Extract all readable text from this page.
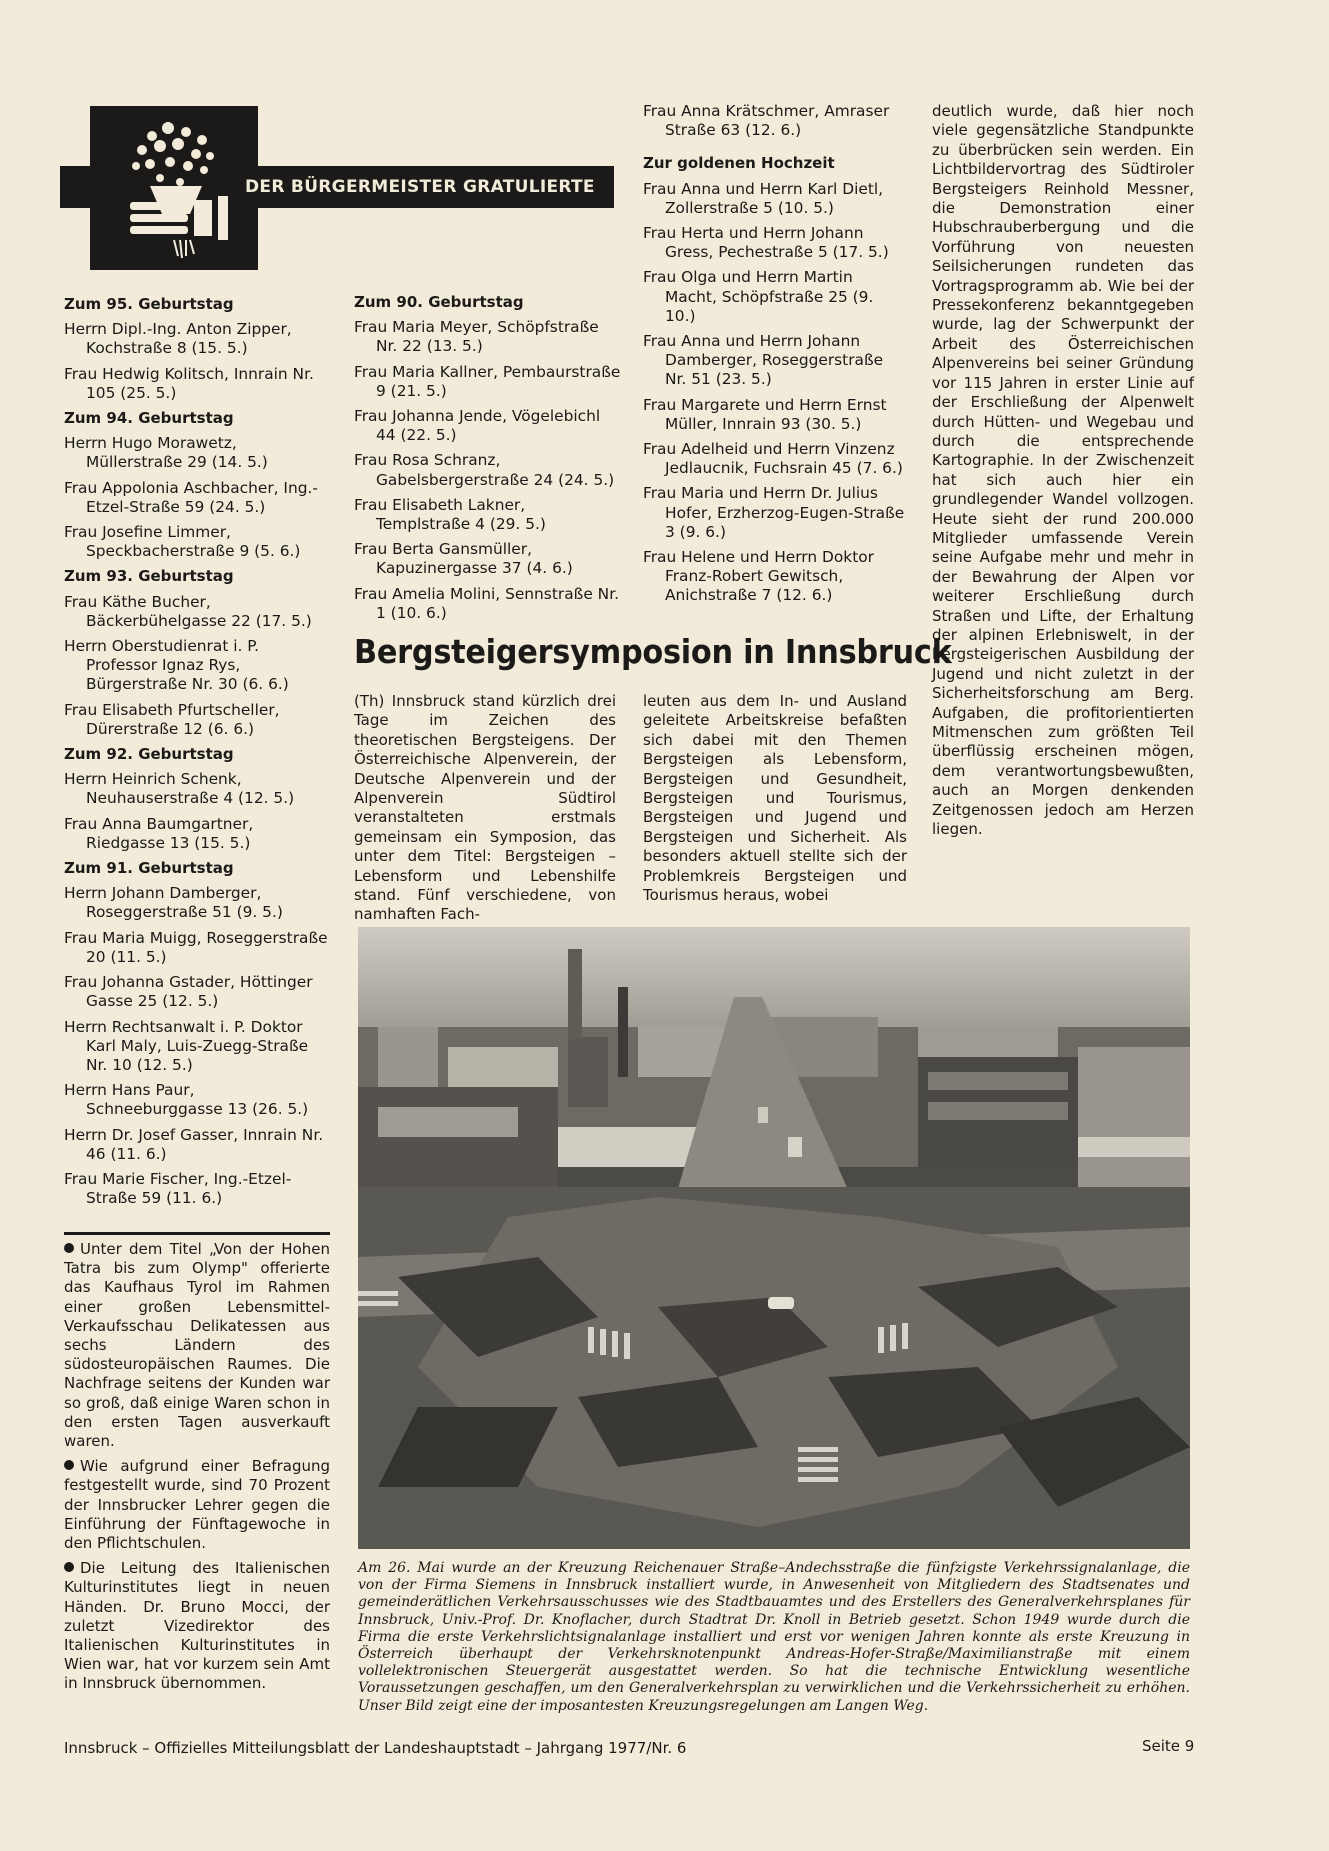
DER BÜRGERMEISTER GRATULIERTE
Zum 95. Geburtstag
Herrn Dipl.-Ing. Anton Zipper, Kochstraße 8 (15. 5.)
Frau Hedwig Kolitsch, Innrain Nr. 105 (25. 5.)
Zum 94. Geburtstag
Herrn Hugo Morawetz, Müllerstraße 29 (14. 5.)
Frau Appolonia Aschbacher, Ing.-Etzel-Straße 59 (24. 5.)
Frau Josefine Limmer, Speckbacherstraße 9 (5. 6.)
Zum 93. Geburtstag
Frau Käthe Bucher, Bäckerbühelgasse 22 (17. 5.)
Herrn Oberstudienrat i. P. Professor Ignaz Rys, Bürgerstraße Nr. 30 (6. 6.)
Frau Elisabeth Pfurtscheller, Dürerstraße 12 (6. 6.)
Zum 92. Geburtstag
Herrn Heinrich Schenk, Neuhauserstraße 4 (12. 5.)
Frau Anna Baumgartner, Riedgasse 13 (15. 5.)
Zum 91. Geburtstag
Herrn Johann Damberger, Roseggerstraße 51 (9. 5.)
Frau Maria Muigg, Roseggerstraße 20 (11. 5.)
Frau Johanna Gstader, Höttinger Gasse 25 (12. 5.)
Herrn Rechtsanwalt i. P. Doktor Karl Maly, Luis-Zuegg-Straße Nr. 10 (12. 5.)
Herrn Hans Paur, Schneeburggasse 13 (26. 5.)
Herrn Dr. Josef Gasser, Innrain Nr. 46 (11. 6.)
Frau Marie Fischer, Ing.-Etzel-Straße 59 (11. 6.)
Zum 90. Geburtstag
Frau Maria Meyer, Schöpfstraße Nr. 22 (13. 5.)
Frau Maria Kallner, Pembaurstraße 9 (21. 5.)
Frau Johanna Jende, Vögelebichl 44 (22. 5.)
Frau Rosa Schranz, Gabelsbergerstraße 24 (24. 5.)
Frau Elisabeth Lakner, Templstraße 4 (29. 5.)
Frau Berta Gansmüller, Kapuzinergasse 37 (4. 6.)
Frau Amelia Molini, Sennstraße Nr. 1 (10. 6.)
Frau Anna Krätschmer, Amraser Straße 63 (12. 6.)
Zur goldenen Hochzeit
Frau Anna und Herrn Karl Dietl, Zollerstraße 5 (10. 5.)
Frau Herta und Herrn Johann Gress, Pechestraße 5 (17. 5.)
Frau Olga und Herrn Martin Macht, Schöpfstraße 25 (9. 10.)
Frau Anna und Herrn Johann Damberger, Roseggerstraße Nr. 51 (23. 5.)
Frau Margarete und Herrn Ernst Müller, Innrain 93 (30. 5.)
Frau Adelheid und Herrn Vinzenz Jedlaucnik, Fuchsrain 45 (7. 6.)
Frau Maria und Herrn Dr. Julius Hofer, Erzherzog-Eugen-Straße 3 (9. 6.)
Frau Helene und Herrn Doktor Franz-Robert Gewitsch, Anichstraße 7 (12. 6.)
deutlich wurde, daß hier noch viele gegensätzliche Standpunkte zu überbrücken sein werden. Ein Lichtbildervortrag des Südtiroler Bergsteigers Reinhold Messner, die Demonstration einer Hubschrauberbergung und die Vorführung von neuesten Seilsicherungen rundeten das Vortragsprogramm ab. Wie bei der Pressekonferenz bekanntgegeben wurde, lag der Schwerpunkt der Arbeit des Österreichischen Alpenvereins bei seiner Gründung vor 115 Jahren in erster Linie auf der Erschließung der Alpenwelt durch Hütten- und Wegebau und durch die entsprechende Kartographie. In der Zwischenzeit hat sich auch hier ein grundlegender Wandel vollzogen. Heute sieht der rund 200.000 Mitglieder umfassende Verein seine Aufgabe mehr und mehr in der Bewahrung der Alpen vor weiterer Erschließung durch Straßen und Lifte, der Erhaltung der alpinen Erlebniswelt, in der bergsteigerischen Ausbildung der Jugend und nicht zuletzt in der Sicherheitsforschung am Berg. Aufgaben, die profitorientierten Mitmenschen zum größten Teil überflüssig erscheinen mögen, dem verantwortungsbewußten, auch an Morgen denkenden Zeitgenossen jedoch am Herzen liegen.
Bergsteigersymposion in Innsbruck
(Th) Innsbruck stand kürzlich drei Tage im Zeichen des theoretischen Bergsteigens. Der Österreichische Alpenverein, der Deutsche Alpenverein und der Alpenverein Südtirol veranstalteten erstmals gemeinsam ein Symposion, das unter dem Titel: Bergsteigen – Lebensform und Lebenshilfe stand. Fünf verschiedene, von namhaften Fach-
leuten aus dem In- und Ausland geleitete Arbeitskreise befaßten sich dabei mit den Themen Bergsteigen als Lebensform, Bergsteigen und Gesundheit, Bergsteigen und Tourismus, Bergsteigen und Jugend und Bergsteigen und Sicherheit. Als besonders aktuell stellte sich der Problemkreis Bergsteigen und Tourismus heraus, wobei
Unter dem Titel „Von der Hohen Tatra bis zum Olymp" offerierte das Kaufhaus Tyrol im Rahmen einer großen Lebensmittel-Verkaufsschau Delikatessen aus sechs Ländern des südosteuropäischen Raumes. Die Nachfrage seitens der Kunden war so groß, daß einige Waren schon in den ersten Tagen ausverkauft waren.
Wie aufgrund einer Befragung festgestellt wurde, sind 70 Prozent der Innsbrucker Lehrer gegen die Einführung der Fünftagewoche in den Pflichtschulen.
Die Leitung des Italienischen Kulturinstitutes liegt in neuen Händen. Dr. Bruno Mocci, der zuletzt Vizedirektor des Italienischen Kulturinstitutes in Wien war, hat vor kurzem sein Amt in Innsbruck übernommen.
Am 26. Mai wurde an der Kreuzung Reichenauer Straße–Andechsstraße die fünfzigste Verkehrssignalanlage, die von der Firma Siemens in Innsbruck installiert wurde, in Anwesenheit von Mitgliedern des Stadtsenates und gemeinderätlichen Verkehrsausschusses wie des Stadtbauamtes und des Erstellers des Generalverkehrsplanes für Innsbruck, Univ.-Prof. Dr. Knoflacher, durch Stadtrat Dr. Knoll in Betrieb gesetzt. Schon 1949 wurde durch die Firma die erste Verkehrslichtsignalanlage installiert und erst vor wenigen Jahren konnte als erste Kreuzung in Österreich überhaupt der Verkehrsknotenpunkt Andreas-Hofer-Straße/Maximilianstraße mit einem vollelektronischen Steuergerät ausgestattet werden. So hat die technische Entwicklung wesentliche Voraussetzungen geschaffen, um den Generalverkehrsplan zu verwirklichen und die Verkehrssicherheit zu erhöhen. Unser Bild zeigt eine der imposantesten Kreuzungsregelungen am Langen Weg.
Innsbruck – Offizielles Mitteilungsblatt der Landeshauptstadt – Jahrgang 1977/Nr. 6	Seite 9
